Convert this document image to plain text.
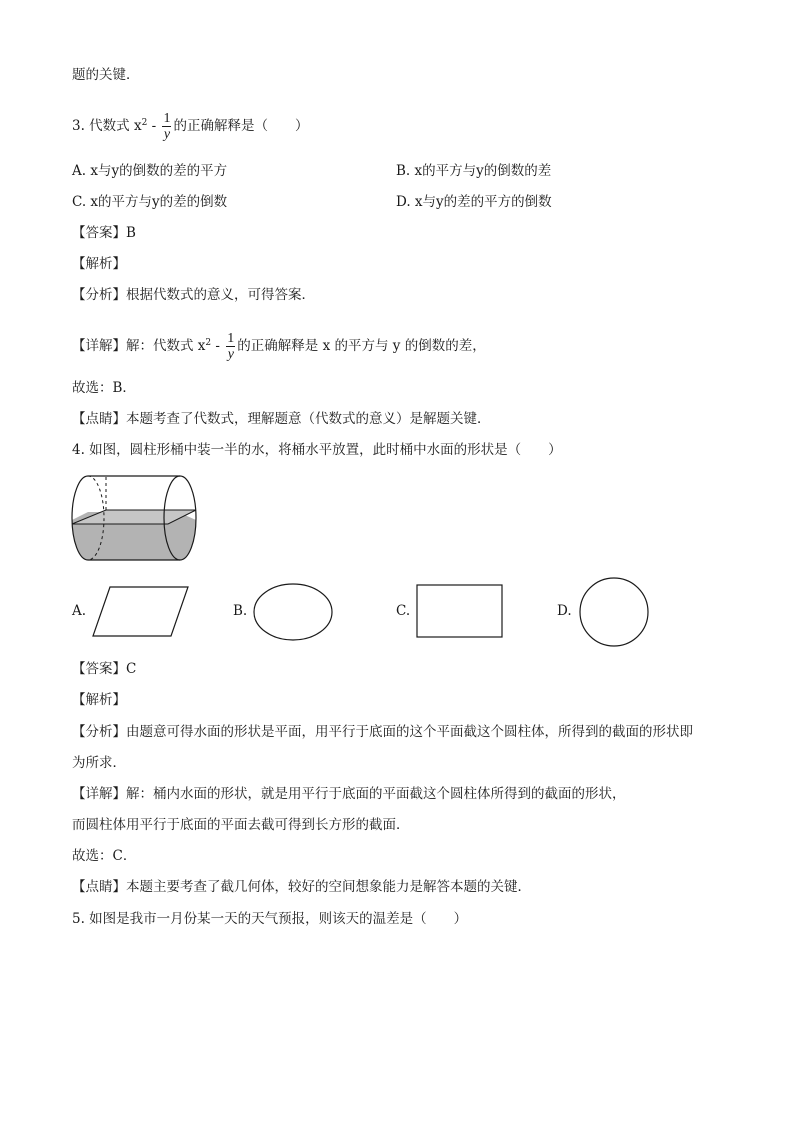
题的关键．
3. 代数式 $x^2 - \frac{1}{y}$ 的正确解释是（　　）
A. x与y的倒数的差的平方	B. x的平方与y的倒数的差
C. x的平方与y的差的倒数	D. x与y的差的平方的倒数
【答案】B
【解析】
【分析】根据代数式的意义，可得答案．
【详解】解：代数式 $x^2 - \frac{1}{y}$ 的正确解释是 x 的平方与 y 的倒数的差，
故选：B．
【点睛】本题考查了代数式，理解题意（代数式的意义）是解题关键．
4. 如图，圆柱形桶中装一半的水，将桶水平放置，此时桶中水面的形状是（　　）
A.	B.	C.	D.
【答案】C
【解析】
【分析】由题意可得水面的形状是平面，用平行于底面的这个平面截这个圆柱体，所得到的截面的形状即
为所求．
【详解】解：桶内水面的形状，就是用平行于底面的平面截这个圆柱体所得到的截面的形状，
而圆柱体用平行于底面的平面去截可得到长方形的截面．
故选：C．
【点睛】本题主要考查了截几何体，较好的空间想象能力是解答本题的关键．
5. 如图是我市一月份某一天的天气预报，则该天的温差是（　　）
